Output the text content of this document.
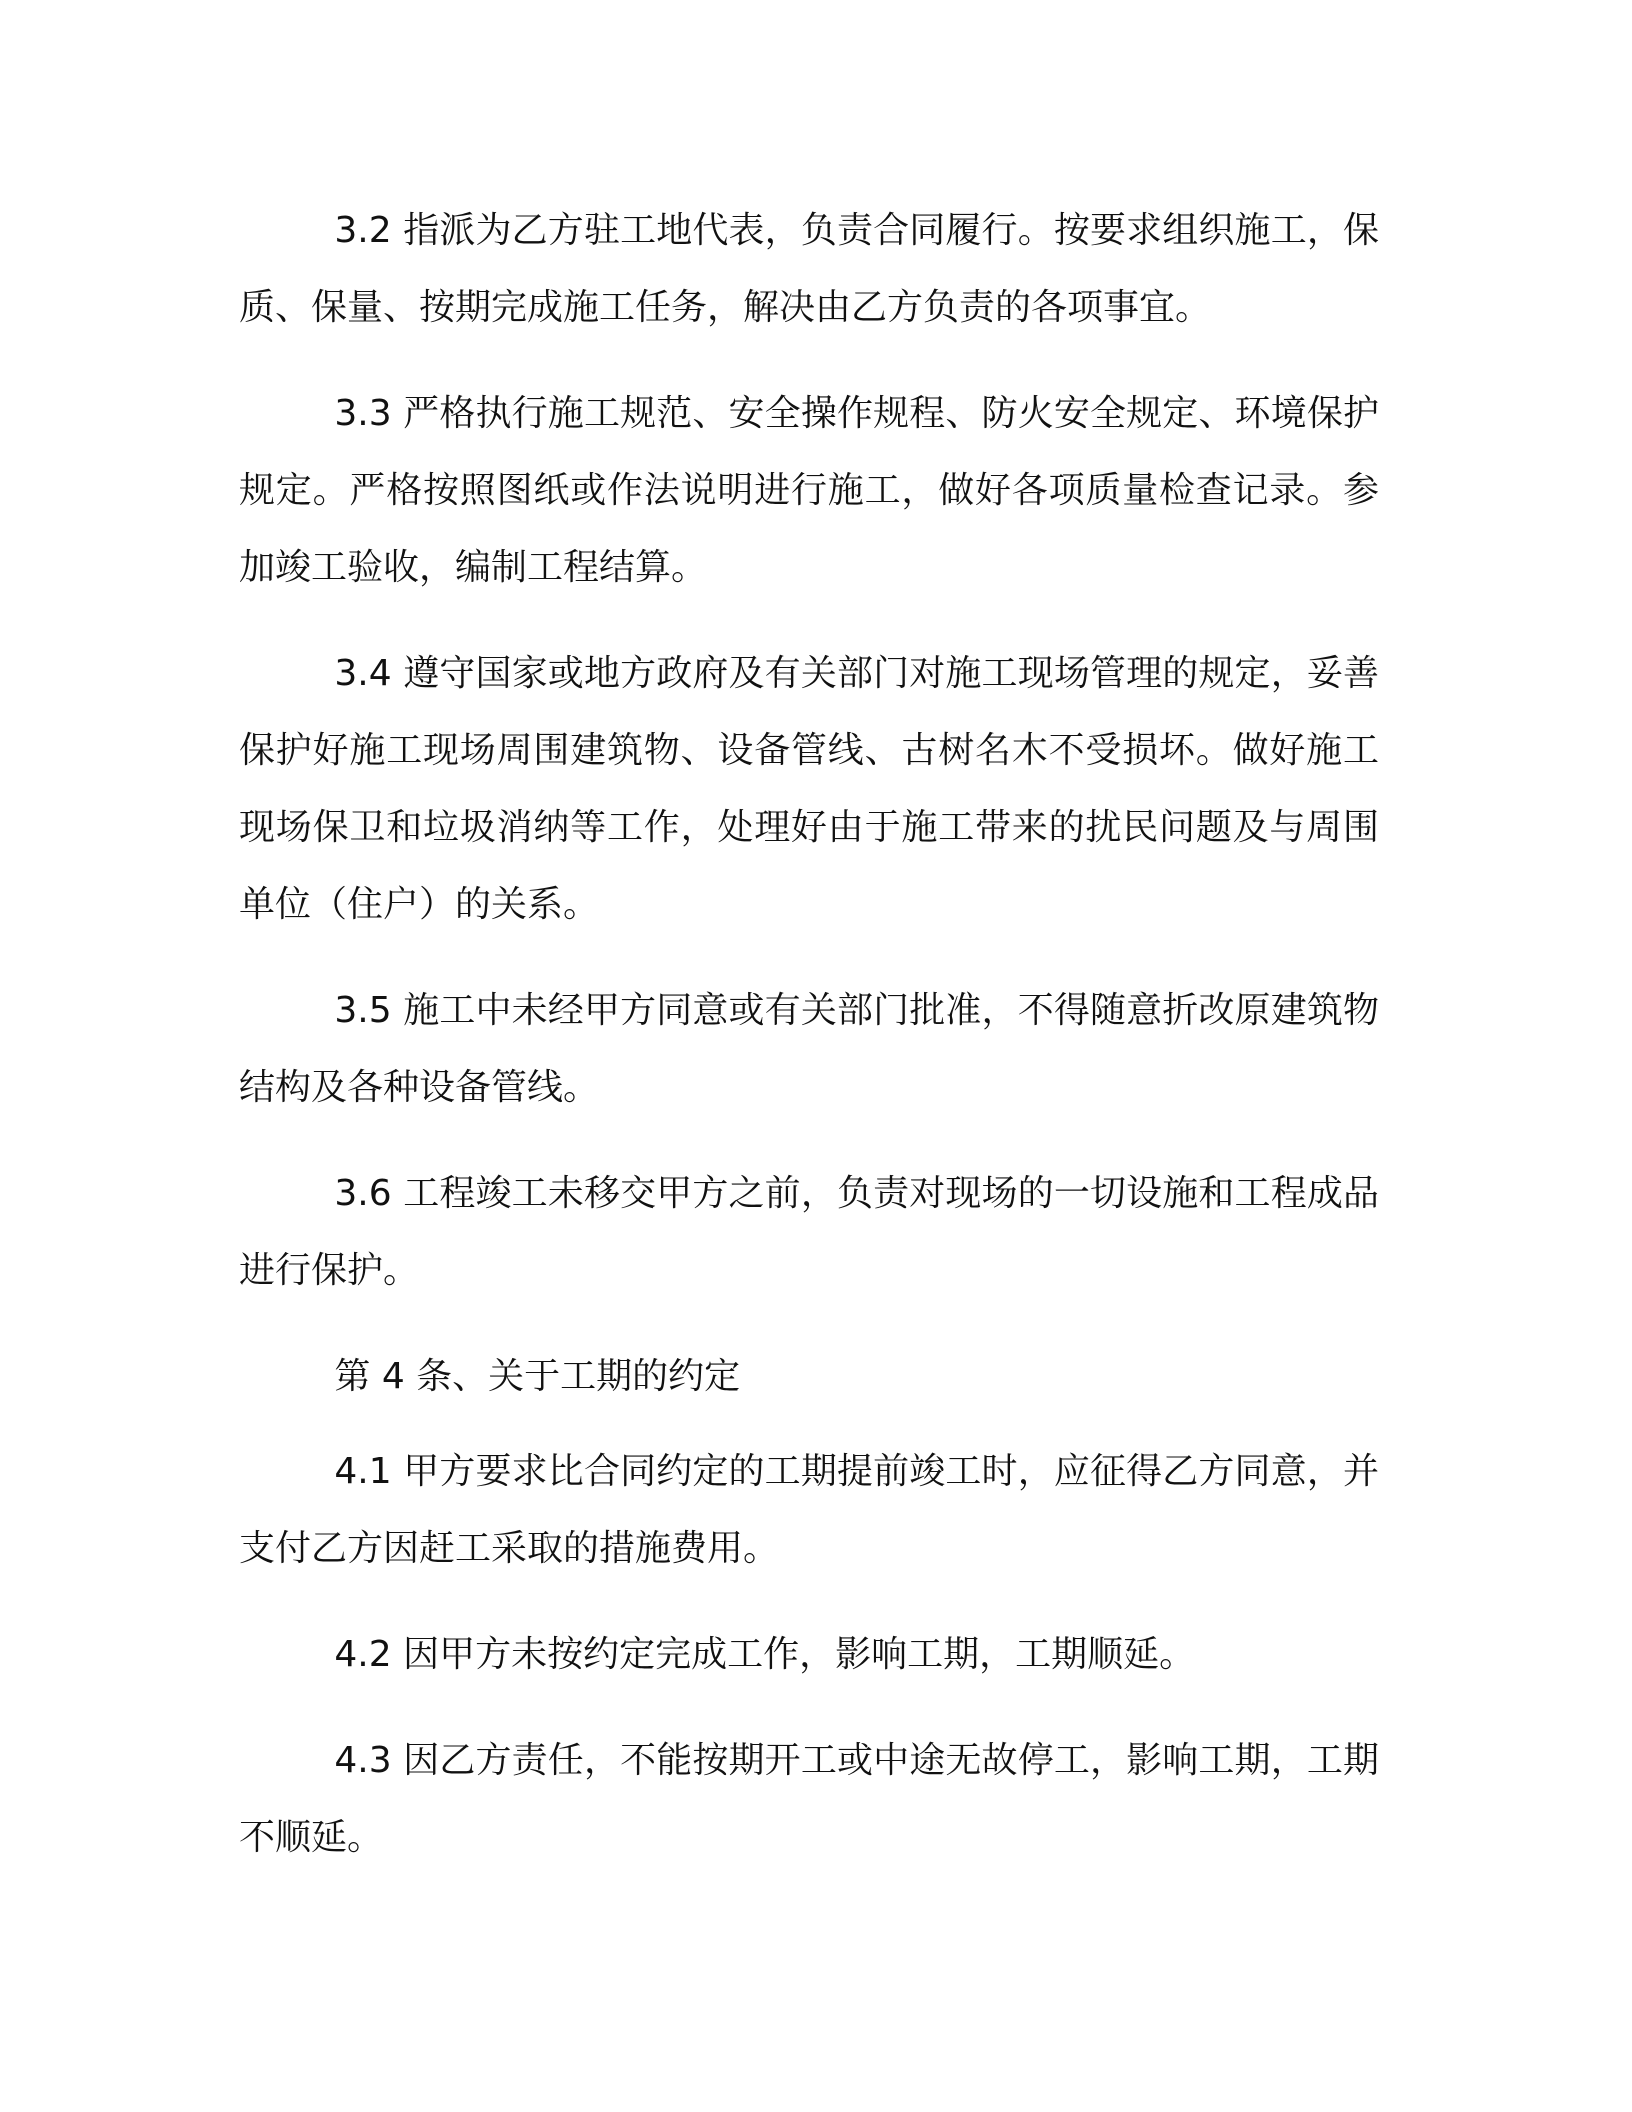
3.2 指派为乙方驻工地代表，负责合同履行。按要求组织施工，保质、保量、按期完成施工任务，解决由乙方负责的各项事宜。

3.3 严格执行施工规范、安全操作规程、防火安全规定、环境保护规定。严格按照图纸或作法说明进行施工，做好各项质量检查记录。参加竣工验收，编制工程结算。

3.4 遵守国家或地方政府及有关部门对施工现场管理的规定，妥善保护好施工现场周围建筑物、设备管线、古树名木不受损坏。做好施工现场保卫和垃圾消纳等工作，处理好由于施工带来的扰民问题及与周围单位（住户）的关系。

3.5 施工中未经甲方同意或有关部门批准，不得随意折改原建筑物结构及各种设备管线。

3.6 工程竣工未移交甲方之前，负责对现场的一切设施和工程成品进行保护。

第 4 条、关于工期的约定

4.1 甲方要求比合同约定的工期提前竣工时，应征得乙方同意，并支付乙方因赶工采取的措施费用。

4.2 因甲方未按约定完成工作，影响工期，工期顺延。

4.3 因乙方责任，不能按期开工或中途无故停工，影响工期，工期不顺延。
